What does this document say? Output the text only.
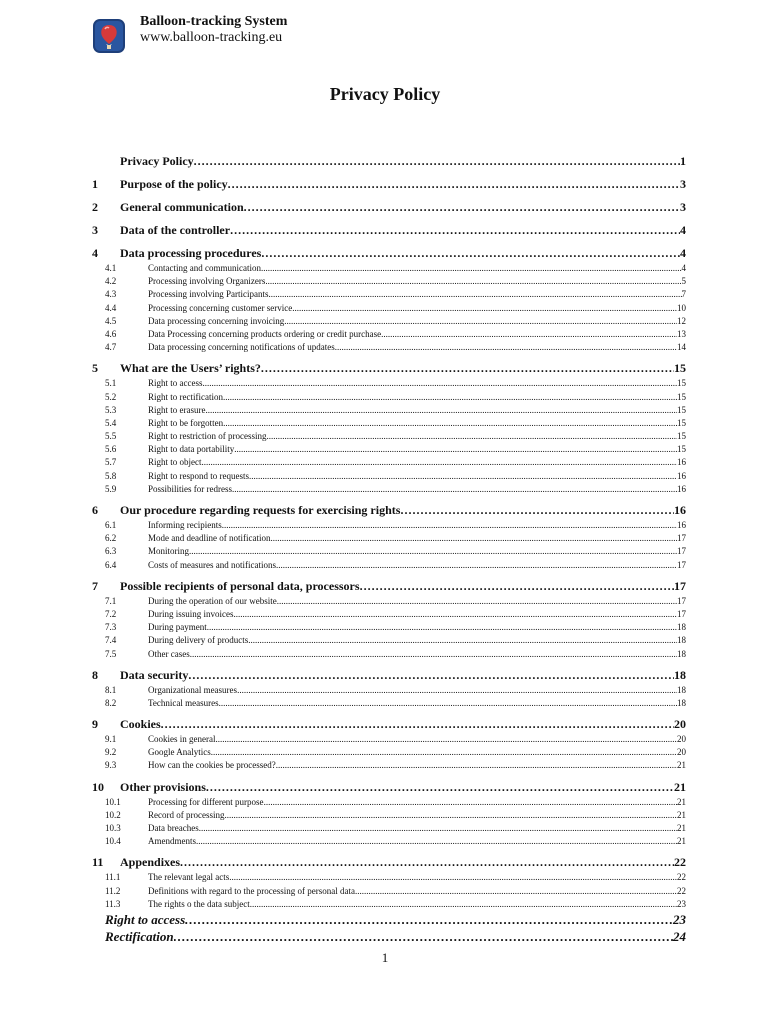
Balloon-tracking System
www.balloon-tracking.eu
Privacy Policy
Privacy Policy .....	1
1	Purpose of the policy .....	3
2	General communication .....	3
3	Data of the controller .....	4
4	Data processing procedures .....	4
4.1	Contacting and communication .....	4
4.2	Processing involving Organizers .....	5
4.3	Processing involving Participants .....	7
4.4	Processing concerning customer service .....	10
4.5	Data processing concerning invoicing .....	12
4.6	Data Processing concerning products ordering or credit purchase .....	13
4.7	Data processing concerning notifications of updates .....	14
5	What are the Users’ rights? .....	15
5.1	Right to access .....	15
5.2	Right to rectification .....	15
5.3	Right to erasure .....	15
5.4	Right to be forgotten .....	15
5.5	Right to restriction of processing .....	15
5.6	Right to data portability .....	15
5.7	Right to object .....	16
5.8	Right to respond to requests .....	16
5.9	Possibilities for redress .....	16
6	Our procedure regarding requests for exercising rights .....	16
6.1	Informing recipients .....	16
6.2	Mode and deadline of notification .....	17
6.3	Monitoring .....	17
6.4	Costs of measures and notifications .....	17
7	Possible recipients of personal data, processors .....	17
7.1	During the operation of our website .....	17
7.2	During issuing invoices .....	17
7.3	During payment .....	18
7.4	During delivery of products .....	18
7.5	Other cases .....	18
8	Data security .....	18
8.1	Organizational measures .....	18
8.2	Technical measures .....	18
9	Cookies .....	20
9.1	Cookies in general .....	20
9.2	Google Analytics .....	20
9.3	How can the cookies be processed? .....	21
10	Other provisions .....	21
10.1	Processing for different purpose .....	21
10.2	Record of processing .....	21
10.3	Data breaches .....	21
10.4	Amendments .....	21
11	Appendixes .....	22
11.1	The relevant legal acts .....	22
11.2	Definitions with regard to the processing of personal data .....	22
11.3	The rights o the data subject .....	23
Right to access .....	23
Rectification .....	24
1
